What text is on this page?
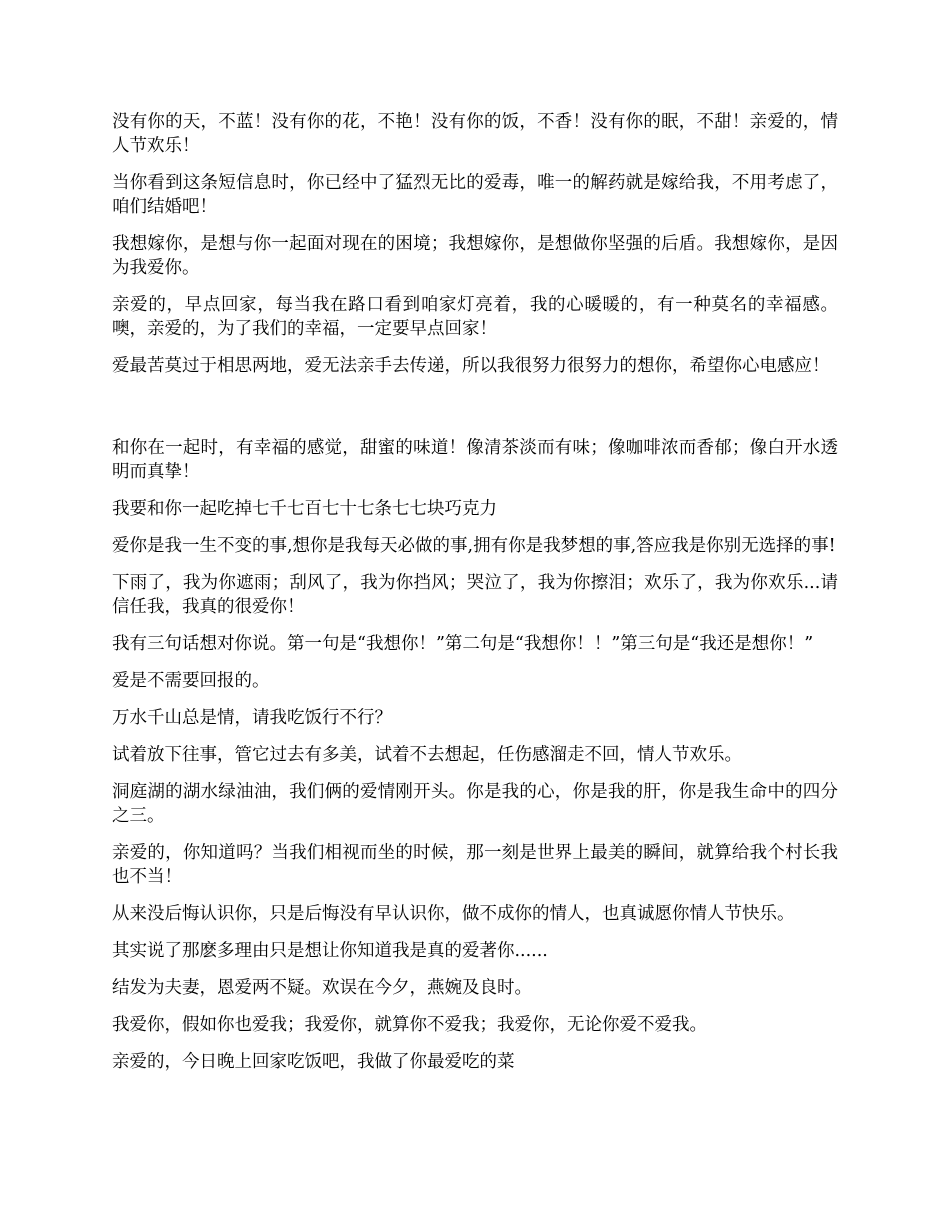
没有你的天，不蓝！没有你的花，不艳！没有你的饭，不香！没有你的眠，不甜！亲爱的，情人节欢乐！

当你看到这条短信息时，你已经中了猛烈无比的爱毒，唯一的解药就是嫁给我，不用考虑了，咱们结婚吧！

我想嫁你，是想与你一起面对现在的困境；我想嫁你，是想做你坚强的后盾。我想嫁你，是因为我爱你。

亲爱的，早点回家，每当我在路口看到咱家灯亮着，我的心暖暖的，有一种莫名的幸福感。噢，亲爱的，为了我们的幸福，一定要早点回家！

爱最苦莫过于相思两地，爱无法亲手去传递，所以我很努力很努力的想你，希望你心电感应！

和你在一起时，有幸福的感觉，甜蜜的味道！像清茶淡而有味；像咖啡浓而香郁；像白开水透明而真挚！

我要和你一起吃掉七千七百七十七条七七块巧克力

爱你是我一生不变的事,想你是我每天必做的事,拥有你是我梦想的事,答应我是你别无选择的事!

下雨了，我为你遮雨；刮风了，我为你挡风；哭泣了，我为你擦泪；欢乐了，我为你欢乐...请信任我，我真的很爱你！

我有三句话想对你说。第一句是“我想你！”第二句是“我想你！！”第三句是“我还是想你！”

爱是不需要回报的。

万水千山总是情，请我吃饭行不行？

试着放下往事，管它过去有多美，试着不去想起，任伤感溜走不回，情人节欢乐。

洞庭湖的湖水绿油油，我们俩的爱情刚开头。你是我的心，你是我的肝，你是我生命中的四分之三。

亲爱的，你知道吗？当我们相视而坐的时候，那一刻是世界上最美的瞬间，就算给我个村长我也不当！

从来没后悔认识你，只是后悔没有早认识你，做不成你的情人，也真诚愿你情人节快乐。

其实说了那麽多理由只是想让你知道我是真的爱著你......

结发为夫妻，恩爱两不疑。欢误在今夕，燕婉及良时。

我爱你，假如你也爱我；我爱你，就算你不爱我；我爱你，无论你爱不爱我。

亲爱的，今日晚上回家吃饭吧，我做了你最爱吃的菜
